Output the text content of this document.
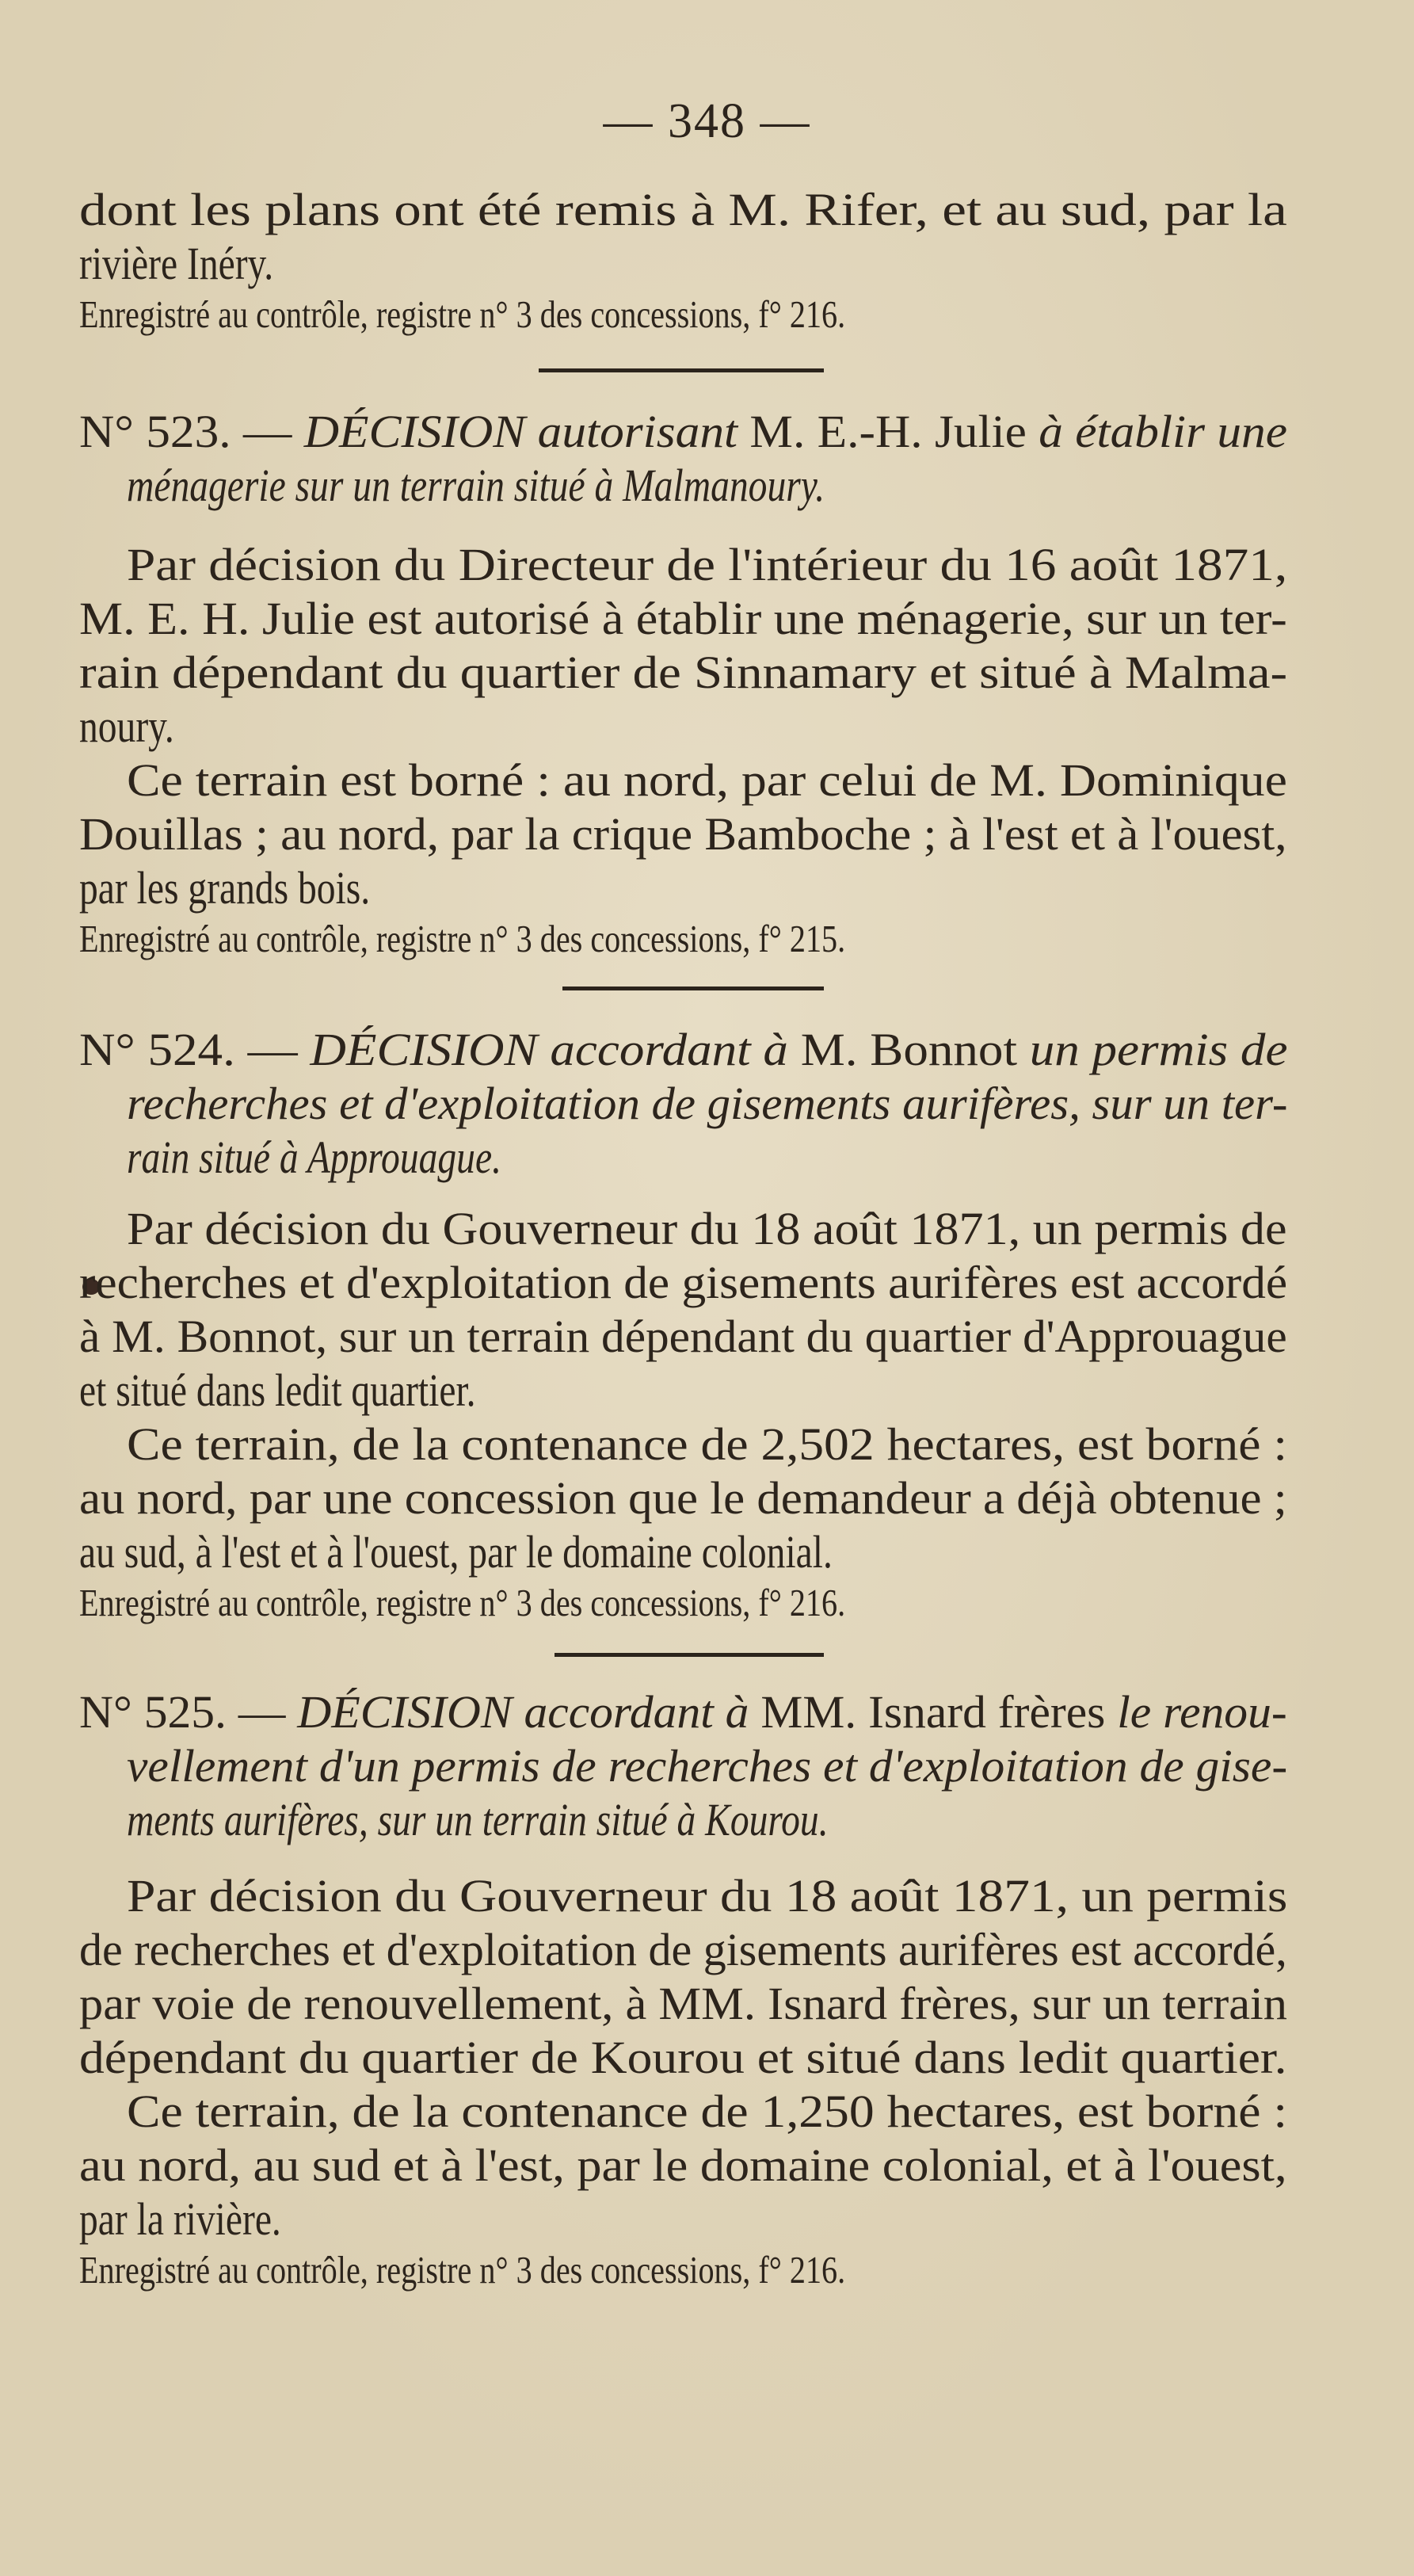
— 348 —
dont les plans ont été remis à M. Rifer, et au sud, par la
rivière Inéry.
Enregistré au contrôle, registre n° 3 des concessions, f° 216.
N° 523. — DÉCISION autorisant M. E.-H. Julie à établir une
ménagerie sur un terrain situé à Malmanoury.
Par décision du Directeur de l'intérieur du 16 août 1871,
M. E. H. Julie est autorisé à établir une ménagerie, sur un ter-
rain dépendant du quartier de Sinnamary et situé à Malma-
noury.
Ce terrain est borné : au nord, par celui de M. Dominique
Douillas ; au nord, par la crique Bamboche ; à l'est et à l'ouest,
par les grands bois.
Enregistré au contrôle, registre n° 3 des concessions, f° 215.
N° 524. — DÉCISION accordant à M. Bonnot un permis de
recherches et d'exploitation de gisements aurifères, sur un ter-
rain situé à Approuague.
Par décision du Gouverneur du 18 août 1871, un permis de
recherches et d'exploitation de gisements aurifères est accordé
à M. Bonnot, sur un terrain dépendant du quartier d'Approuague
et situé dans ledit quartier.
Ce terrain, de la contenance de 2,502 hectares, est borné :
au nord, par une concession que le demandeur a déjà obtenue ;
au sud, à l'est et à l'ouest, par le domaine colonial.
Enregistré au contrôle, registre n° 3 des concessions, f° 216.
N° 525. — DÉCISION accordant à MM. Isnard frères le renou-
vellement d'un permis de recherches et d'exploitation de gise-
ments aurifères, sur un terrain situé à Kourou.
Par décision du Gouverneur du 18 août 1871, un permis
de recherches et d'exploitation de gisements aurifères est accordé,
par voie de renouvellement, à MM. Isnard frères, sur un terrain
dépendant du quartier de Kourou et situé dans ledit quartier.
Ce terrain, de la contenance de 1,250 hectares, est borné :
au nord, au sud et à l'est, par le domaine colonial, et à l'ouest,
par la rivière.
Enregistré au contrôle, registre n° 3 des concessions, f° 216.
